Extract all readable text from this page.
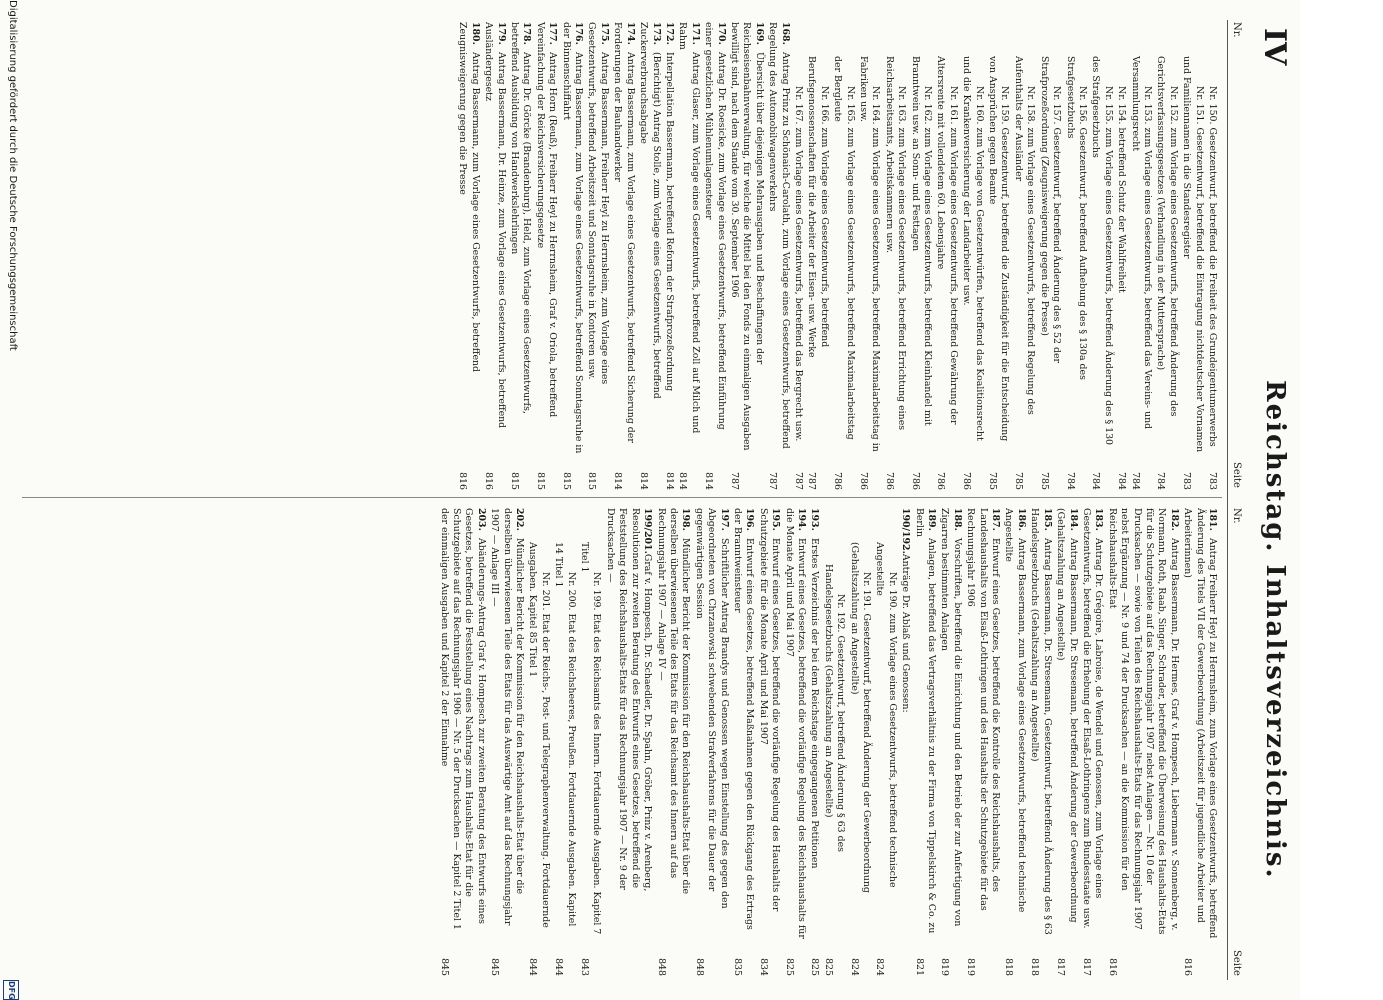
IV
Reichstag. Inhaltsverzeichnis.
Nr.
Seite
Nr.
Seite
Nr. 150. Gesetzentwurf, betreffend die Freiheit des Grundeigentumerwerbs
783
Nr. 151. Gesetzentwurf, betreffend die Eintragung nichtdeutscher Vornamen und Familiennamen in die Standesregister
783
Nr. 152. zum Vorlage eines Gesetzentwurfs, betreffend Änderung des Gerichtsverfassungsgesetzes (Verhandlung in der Muttersprache)
784
Nr. 153. zum Vorlage eines Gesetzentwurfs, betreffend das Vereins- und Versammlungsrecht
784
Nr. 154. betreffend Schutz der Wahlfreiheit
784
Nr. 155. zum Vorlage eines Gesetzentwurfs, betreffend Änderung des § 130 des Strafgesetzbuchs
784
Nr. 156. Gesetzentwurf, betreffend Aufhebung des § 130a des Strafgesetzbuchs
784
Nr. 157. Gesetzentwurf, betreffend Änderung des § 52 der Strafprozeßordnung (Zeugnisweigerung gegen die Presse)
785
Nr. 158. zum Vorlage eines Gesetzentwurfs, betreffend Regelung des Aufenthalts der Ausländer
785
Nr. 159. Gesetzentwurf, betreffend die Zuständigkeit für die Entscheidung von Ansprüchen gegen Beamte
785
Nr. 160. zum Vorlage von Gesetzentwürfen, betreffend das Koalitionsrecht und die Krankenversicherung der Landarbeiter usw.
786
Nr. 161. zum Vorlage eines Gesetzentwurfs, betreffend Gewährung der Altersrente mit vollendetem 60. Lebensjahre
786
Nr. 162. zum Vorlage eines Gesetzentwurfs, betreffend Kleinhandel mit Branntwein usw. an Sonn- und Festtagen
786
Nr. 163. zum Vorlage eines Gesetzentwurfs, betreffend Errichtung eines Reichsarbeitsamts, Arbeitskammern usw.
786
Nr. 164. zum Vorlage eines Gesetzentwurfs, betreffend Maximalarbeitstag in Fabriken usw.
786
Nr. 165. zum Vorlage eines Gesetzentwurfs, betreffend Maximalarbeitstag der Bergleute
786
Nr. 166. zum Vorlage eines Gesetzentwurfs, betreffend Berufsgenossenschaften für die Arbeiter der Eisen- usw. Werke
787
Nr. 167. zum Vorlage eines Gesetzentwurfs, betreffend das Bergrecht usw.
787
168.Antrag Prinz zu Schönaich-Carolath, zum Vorlage eines Gesetzentwurfs, betreffend Regelung des Automobilwagenverkehrs
787
169.Übersicht über diejenigen Mehrausgaben und Beschaffungen der Reichseisenbahnverwaltung, für welche die Mittel bei den Fonds zu einmaligen Ausgaben bewilligt sind, nach dem Stande vom 30. September 1906
787
170.Antrag Dr. Roesicke, zum Vorlage eines Gesetzentwurfs, betreffend Einführung einer gesetzlichen Mühlenumlagensteuer
814
171.Antrag Glaser, zum Vorlage eines Gesetzentwurfs, betreffend Zoll auf Milch und Rahm
814
172.Interpellation Bassermann, betreffend Reform der Strafprozeßordnung
814
173.(Berichtigt) Antrag Stolle, zum Vorlage eines Gesetzentwurfs, betreffend Zuckerverbrauchsabgabe
814
174.Antrag Bassermann, zum Vorlage eines Gesetzentwurfs, betreffend Sicherung der Forderungen der Bauhandwerker
814
175.Antrag Bassermann, Freiherr Heyl zu Herrnsheim, zum Vorlage eines Gesetzentwurfs, betreffend Arbeitszeit und Sonntagsruhe in Kontoren usw.
815
176.Antrag Bassermann, zum Vorlage eines Gesetzentwurfs, betreffend Sonntagsruhe in der Binnenschiffahrt
815
177.Antrag Horn (Reuß), Freiherr Heyl zu Herrnsheim, Graf v. Oriola, betreffend Vereinfachung der Reichsversicherungsgesetze
815
178.Antrag Dr. Görcke (Brandenburg), Held, zum Vorlage eines Gesetzentwurfs, betreffend Ausbildung von Handwerkslehrlingen
815
179.Antrag Bassermann, Dr. Heinze, zum Vorlage eines Gesetzentwurfs, betreffend Ausländergesetz
816
180.Antrag Bassermann, zum Vorlage eines Gesetzentwurfs, betreffend Zeugnisweigerung gegen die Presse
816
181.Antrag Freiherr Heyl zu Herrnsheim, zum Vorlage eines Gesetzentwurfs, betreffend Änderung des Titels VII der Gewerbeordnung (Arbeitszeit für jugendliche Arbeiter und Arbeiterinnen)
816
182.Antrag Bassermann, Dr. Hermes, Graf v. Hompesch, Liebermann v. Sonnenberg, v. Normann, Roth, Raab, Singer, Schrader, betreffend die Überweisung des Haushalts-Etats für die Schutzgebiete auf das Rechnungsjahr 1907 nebst Anlagen — Nr. 10 der Drucksachen — sowie von Teilen des Reichshaushalts-Etats für das Rechnungsjahr 1907 nebst Ergänzung — Nr. 9 und 74 der Drucksachen — an die Kommission für den Reichshaushalts-Etat
816
183.Antrag Dr. Grégoire, Labroise, de Wendel und Genossen, zum Vorlage eines Gesetzentwurfs, betreffend die Erhebung der Elsaß-Lothringens zum Bundesstaate usw.
817
184.Antrag Bassermann, Dr. Stresemann, betreffend Änderung der Gewerbeordnung (Gehaltszahlung an Angestellte)
817
185.Antrag Bassermann, Dr. Stresemann, Gesetzentwurf, betreffend Änderung des § 63 Handelsgesetzbuchs (Gehaltszahlung an Angestellte)
818
186.Antrag Bassermann, zum Vorlage eines Gesetzentwurfs, betreffend technische Angestellte
818
187.Entwurf eines Gesetzes, betreffend die Kontrolle des Reichshaushalts, des Landeshaushalts von Elsaß-Lothringen und des Haushalts der Schutzgebiete für das Rechnungsjahr 1906
819
188.Vorschriften, betreffend die Einrichtung und den Betrieb der zur Anfertigung von Zigarren bestimmten Anlagen
819
189.Anlagen, betreffend das Vertragsverhältnis zu der Firma von Tippelskirch & Co. zu Berlin
821
190/192.Anträge Dr. Ablaß und Genossen:
Nr. 190. zum Vorlage eines Gesetzentwurfs, betreffend technische Angestellte
824
Nr. 191. Gesetzentwurf, betreffend Änderung der Gewerbeordnung (Gehaltszahlung an Angestellte)
824
Nr. 192. Gesetzentwurf, betreffend Änderung § 63 des Handelsgesetzbuchs (Gehaltszahlung an Angestellte)
825
193.Erstes Verzeichnis der bei dem Reichstage eingegangenen Petitionen
825
194.Entwurf eines Gesetzes, betreffend die vorläufige Regelung des Reichshaushalts für die Monate April und Mai 1907
825
195.Entwurf eines Gesetzes, betreffend die vorläufige Regelung des Haushalts der Schutzgebiete für die Monate April und Mai 1907
834
196.Entwurf eines Gesetzes, betreffend Maßnahmen gegen den Rückgang des Ertrags der Branntweinsteuer
835
197.Schriftlicher Antrag Brandys und Genossen wegen Einstellung des gegen den Abgeordneten von Chrzanowski schwebenden Strafverfahrens für die Dauer der gegenwärtigen Session
848
198.Mündlicher Bericht der Kommission für den Reichshaushalts-Etat über die derselben überwiesenen Teile des Etats für das Reichsamt des Innern auf das Rechnungsjahr 1907 — Anlage IV —
848
199/201.Graf v. Hompesch, Dr. Schaedler, Dr. Spahn, Gröber, Prinz v. Arenberg, Resolutionen zur zweiten Beratung des Entwurfs eines Gesetzes, betreffend die Feststellung des Reichshaushalts-Etats für das Rechnungsjahr 1907 — Nr. 9 der Drucksachen —
Nr. 199. Etat des Reichsamts des Innern. Fortdauernde Ausgaben. Kapitel 7 Titel 1
843
Nr. 200. Etat des Reichsheeres, Preußen. Fortdauernde Ausgaben. Kapitel 14 Titel 1
844
Nr. 201. Etat der Reichs-, Post- und Telegraphenverwaltung. Fortdauernde Ausgaben. Kapitel 85 Titel 1
844
202.Mündlicher Bericht der Kommission für den Reichshaushalts-Etat über die derselben überwiesenen Teile des Etats für das Auswärtige Amt auf das Rechnungsjahr 1907 — Anlage III —
845
203.Abänderungs-Antrag Graf v. Hompesch zur zweiten Beratung des Entwurfs eines Gesetzes, betreffend die Feststellung eines Nachtrags zum Haushalts-Etat für die Schutzgebiete auf das Rechnungsjahr 1906 — Nr. 5 der Drucksachen — Kapitel 2 Titel 1 der einmaligen Ausgaben und Kapitel 2 der Einnahme
845
Digitalisierung gefördert durch die Deutsche Forschungsgemeinschaft
DFG
